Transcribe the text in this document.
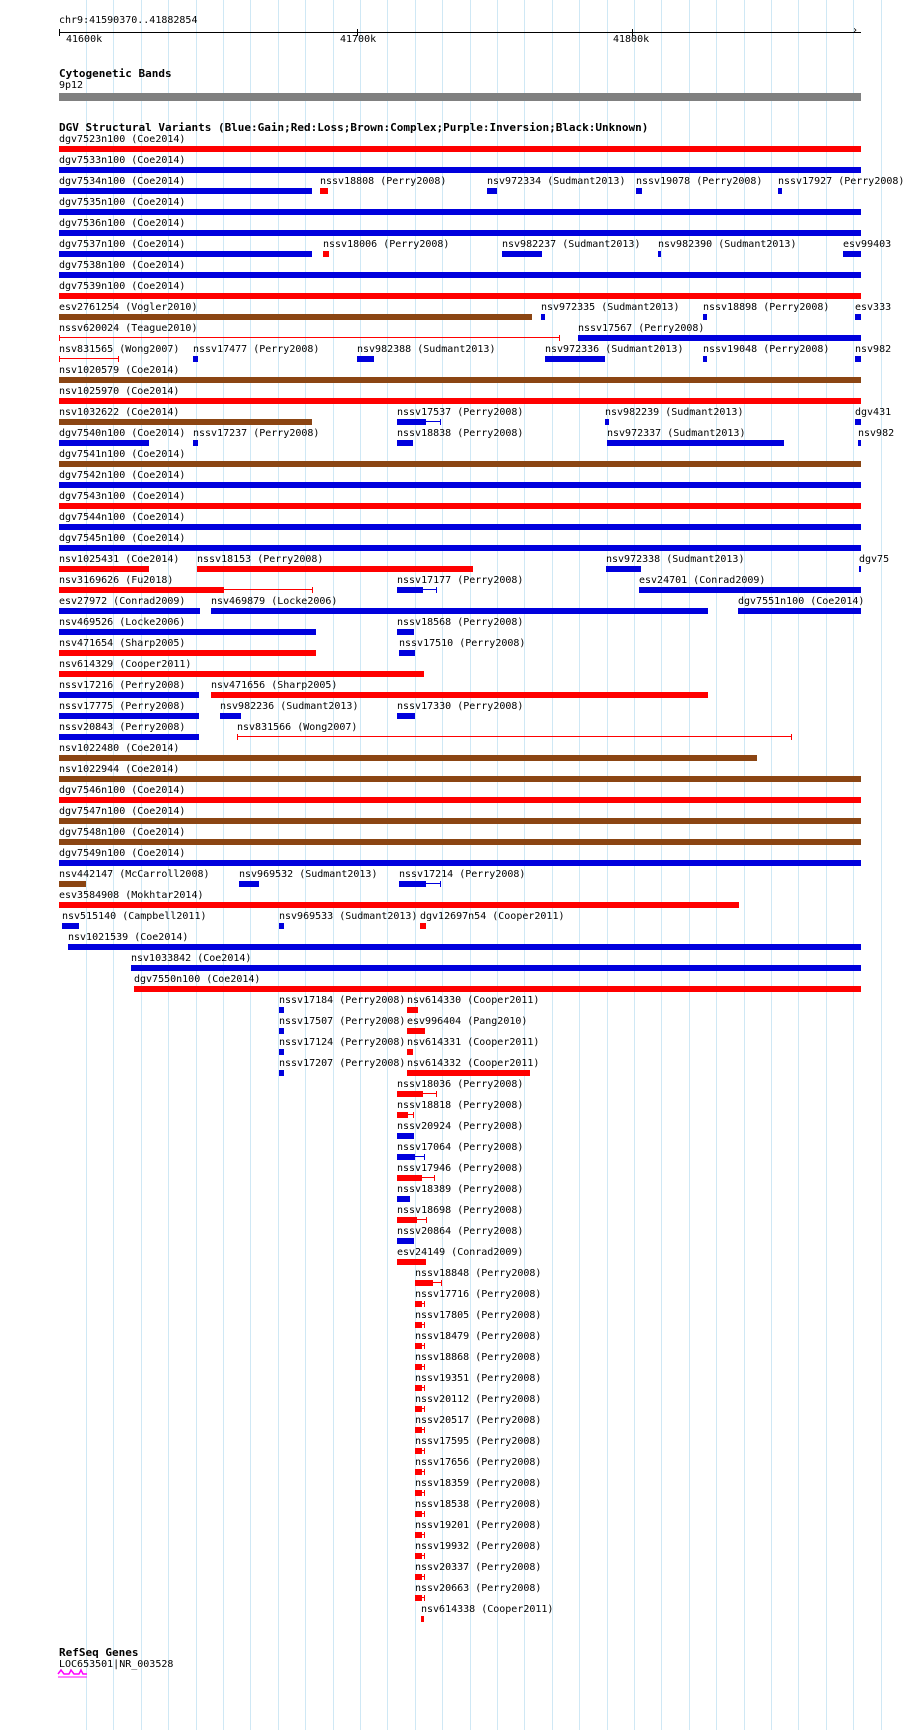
chr9:41590370..41882854
41600k	41700k	41800k
›
Cytogenetic Bands
9p12
DGV Structural Variants (Blue:Gain;Red:Loss;Brown:Complex;Purple:Inversion;Black:Unknown)
dgv7523n100 (Coe2014)
dgv7533n100 (Coe2014)
dgv7534n100 (Coe2014)	nssv18808 (Perry2008)	nsv972334 (Sudmant2013) nssv19078 (Perry2008) nssv17927 (Perry2008)
dgv7535n100 (Coe2014)
dgv7536n100 (Coe2014)
dgv7537n100 (Coe2014)	nssv18006 (Perry2008)	nsv982237 (Sudmant2013) nsv982390 (Sudmant2013)	esv99403
dgv7538n100 (Coe2014)
dgv7539n100 (Coe2014)
esv2761254 (Vogler2010)	nsv972335 (Sudmant2013) nssv18898 (Perry2008)	esv333
nssv620024 (Teague2010)	nssv17567 (Perry2008)
nsv831565 (Wong2007) nssv17477 (Perry2008)	nsv982388 (Sudmant2013)	nsv972336 (Sudmant2013) nssv19048 (Perry2008)	nsv982
nsv1020579 (Coe2014)
nsv1025970 (Coe2014)
nsv1032622 (Coe2014)	nssv17537 (Perry2008)	nsv982239 (Sudmant2013)	dgv431
dgv7540n100 (Coe2014) nssv17237 (Perry2008)	nssv18838 (Perry2008)	nsv972337 (Sudmant2013)	nsv982
dgv7541n100 (Coe2014)
dgv7542n100 (Coe2014)
dgv7543n100 (Coe2014)
dgv7544n100 (Coe2014)
dgv7545n100 (Coe2014)
nsv1025431 (Coe2014) nssv18153 (Perry2008)	nsv972338 (Sudmant2013)	dgv75
nsv3169626 (Fu2018)	nssv17177 (Perry2008)	esv24701 (Conrad2009)
esv27972 (Conrad2009)	nsv469879 (Locke2006)	dgv7551n100 (Coe2014)
nsv469526 (Locke2006)	nssv18568 (Perry2008)
nsv471654 (Sharp2005)	nssv17510 (Perry2008)
nsv614329 (Cooper2011)
nssv17216 (Perry2008)	nsv471656 (Sharp2005)
nssv17775 (Perry2008)	nsv982236 (Sudmant2013)	nssv17330 (Perry2008)
nssv20843 (Perry2008)	nsv831566 (Wong2007)
nsv1022480 (Coe2014)
nsv1022944 (Coe2014)
dgv7546n100 (Coe2014)
dgv7547n100 (Coe2014)
dgv7548n100 (Coe2014)
dgv7549n100 (Coe2014)
nsv442147 (McCarroll2008)	nsv969532 (Sudmant2013) nssv17214 (Perry2008)
esv3584908 (Mokhtar2014)
nsv515140 (Campbell2011)	nsv969533 (Sudmant2013) dgv12697n54 (Cooper2011)
nsv1021539 (Coe2014)
nsv1033842 (Coe2014)
dgv7550n100 (Coe2014)
nssv17184 (Perry2008) nsv614330 (Cooper2011)
nssv17507 (Perry2008) esv996404 (Pang2010)
nssv17124 (Perry2008) nsv614331 (Cooper2011)
nssv17207 (Perry2008) nsv614332 (Cooper2011)
nssv18036 (Perry2008)
nssv18818 (Perry2008)
nssv20924 (Perry2008)
nssv17064 (Perry2008)
nssv17946 (Perry2008)
nssv18389 (Perry2008)
nssv18698 (Perry2008)
nssv20864 (Perry2008)
esv24149 (Conrad2009)
nssv18848 (Perry2008)
nssv17716 (Perry2008)
nssv17805 (Perry2008)
nssv18479 (Perry2008)
nssv18868 (Perry2008)
nssv19351 (Perry2008)
nssv20112 (Perry2008)
nssv20517 (Perry2008)
nssv17595 (Perry2008)
nssv17656 (Perry2008)
nssv18359 (Perry2008)
nssv18538 (Perry2008)
nssv19201 (Perry2008)
nssv19932 (Perry2008)
nssv20337 (Perry2008)
nssv20663 (Perry2008)
nsv614338 (Cooper2011)
RefSeq Genes
LOC653501|NR_003528
